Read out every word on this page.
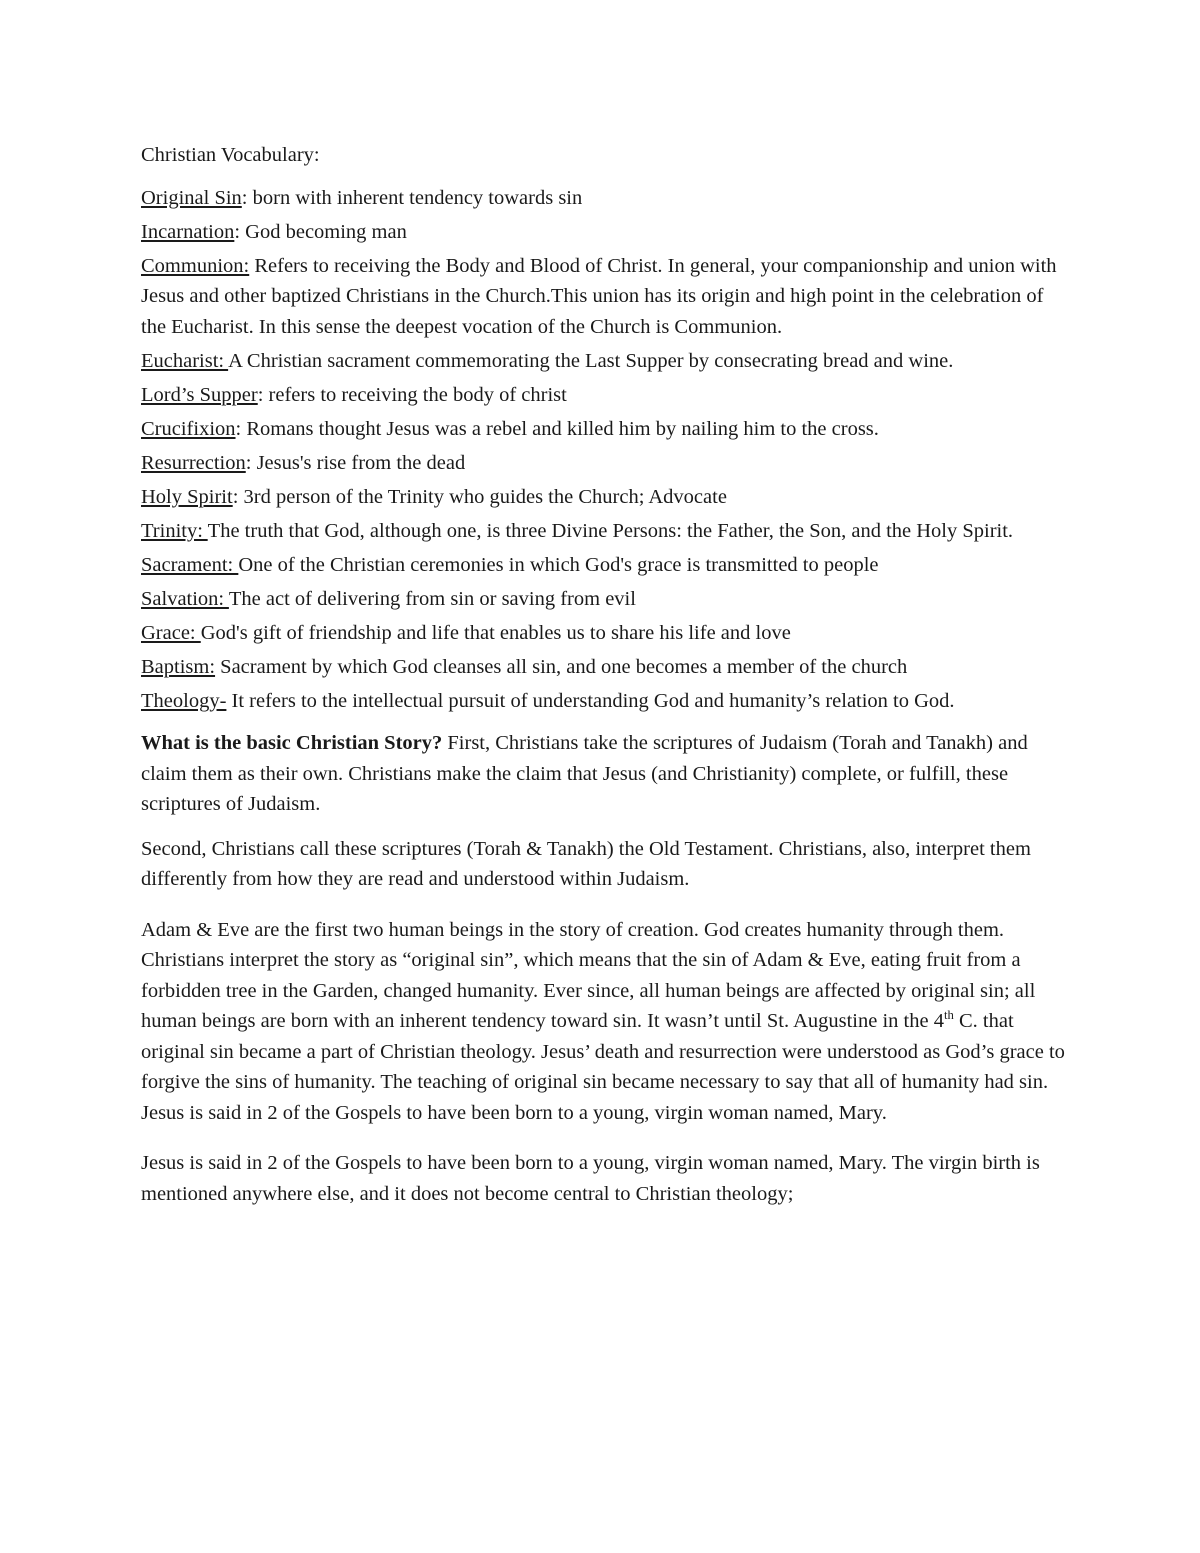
Christian Vocabulary:

Original Sin: born with inherent tendency towards sin
Incarnation: God becoming man
Communion: Refers to receiving the Body and Blood of Christ. In general, your companionship and union with Jesus and other baptized Christians in the Church.This union has its origin and high point in the celebration of the Eucharist. In this sense the deepest vocation of the Church is Communion.
Eucharist: A Christian sacrament commemorating the Last Supper by consecrating bread and wine.
Lord’s Supper: refers to receiving the body of christ
Crucifixion: Romans thought Jesus was a rebel and killed him by nailing him to the cross.
Resurrection: Jesus's rise from the dead
Holy Spirit: 3rd person of the Trinity who guides the Church; Advocate
Trinity: The truth that God, although one, is three Divine Persons: the Father, the Son, and the Holy Spirit.
Sacrament: One of the Christian ceremonies in which God's grace is transmitted to people
Salvation: The act of delivering from sin or saving from evil
Grace: God's gift of friendship and life that enables us to share his life and love
Baptism: Sacrament by which God cleanses all sin, and one becomes a member of the church
Theology- It refers to the intellectual pursuit of understanding God and humanity’s relation to God.

What is the basic Christian Story? First, Christians take the scriptures of Judaism (Torah and Tanakh) and claim them as their own. Christians make the claim that Jesus (and Christianity) complete, or fulfill, these scriptures of Judaism.

Second, Christians call these scriptures (Torah & Tanakh) the Old Testament. Christians, also, interpret them differently from how they are read and understood within Judaism.

Adam & Eve are the first two human beings in the story of creation. God creates humanity through them. Christians interpret the story as “original sin”, which means that the sin of Adam & Eve, eating fruit from a forbidden tree in the Garden, changed humanity. Ever since, all human beings are affected by original sin; all human beings are born with an inherent tendency toward sin. It wasn’t until St. Augustine in the 4th C. that original sin became a part of Christian theology. Jesus’ death and resurrection were understood as God’s grace to forgive the sins of humanity. The teaching of original sin became necessary to say that all of humanity had sin. Jesus is said in 2 of the Gospels to have been born to a young, virgin woman named, Mary.

Jesus is said in 2 of the Gospels to have been born to a young, virgin woman named, Mary. The virgin birth is mentioned anywhere else, and it does not become central to Christian theology;
